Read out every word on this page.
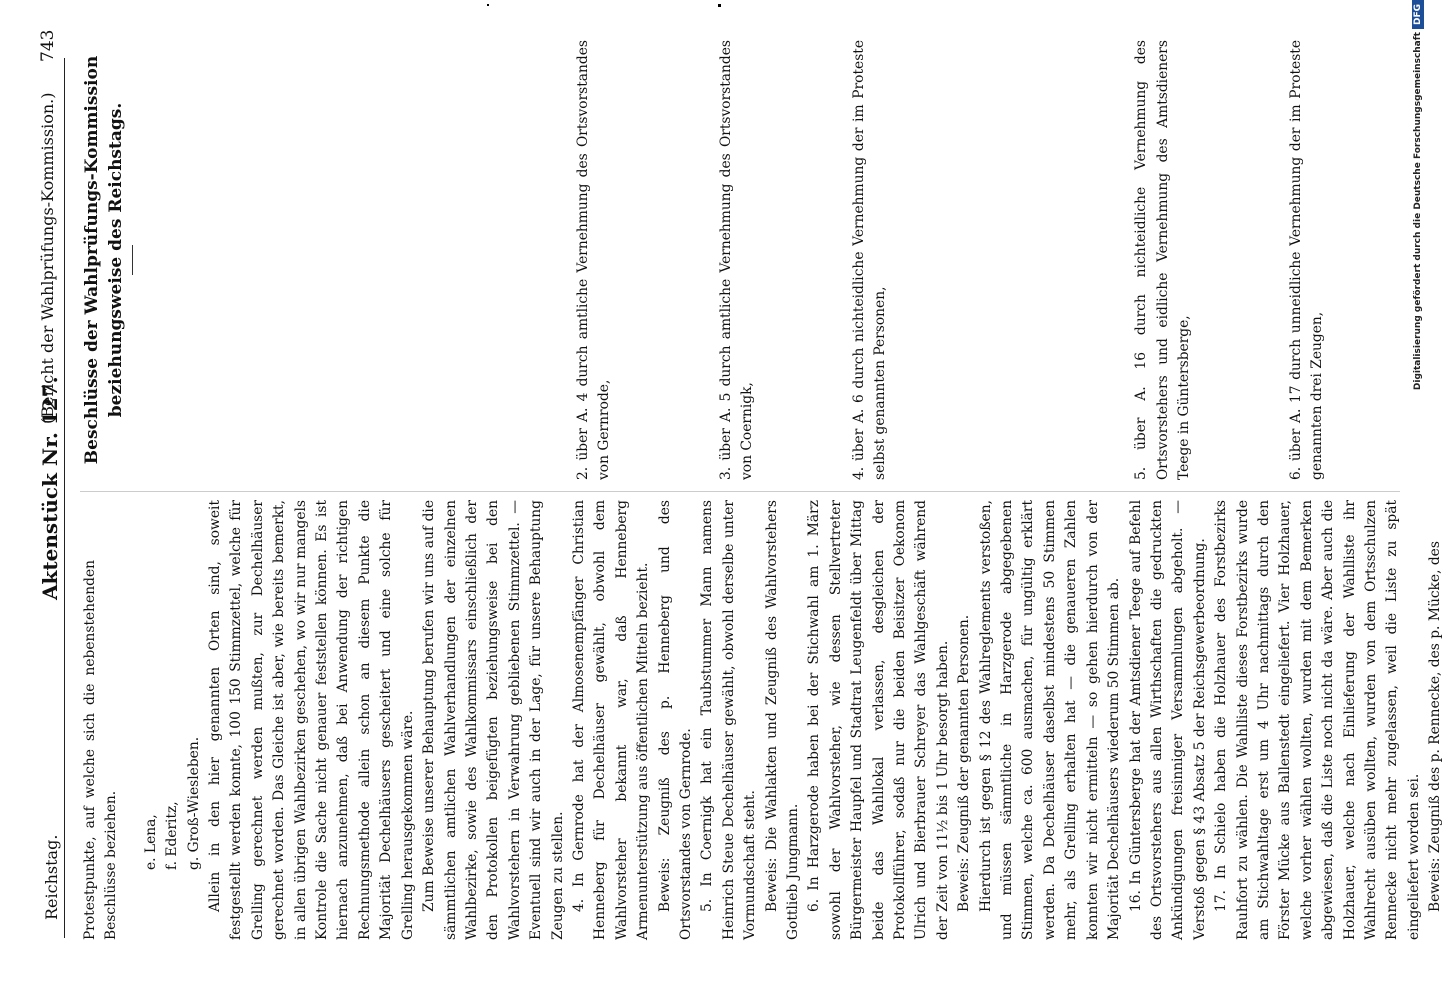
Reichstag.
Aktenstück Nr. 127.
(Bericht der Wahlprüfungs-Kommission.)
743

Protestpunkte, auf welche sich die nebenstehenden Beschlüsse beziehen. e. Lena, f. Ederitz, g. Groß-Wiesleben. Allein in den hier genannten Orten sind, soweit festgestellt werden konnte, 100 150 Stimmzettel, welche für Grelling gerechnet werden mußten, zur Dechelhäuser gerechnet worden. Das Gleiche ist aber, wie bereits bemerkt, in allen übrigen Wahlbezirken geschehen, wo wir nur mangels Kontrole die Sache nicht genauer feststellen können. Es ist hiernach anzunehmen, daß bei Anwendung der richtigen Rechnungsmethode allein schon an diesem Punkte die Majorität Dechelhäusers gescheitert und eine solche für Grelling herausgekommen wäre. Zum Beweise unserer Behauptung berufen wir uns auf die sämmtlichen amtlichen Wahlverhandlungen der einzelnen Wahlbezirke, sowie des Wahlkommissars einschließlich der den Protokollen beigefügten beziehungsweise bei den Wahlvorstehern in Verwahrung gebliebenen Stimmzettel. — Eventuell sind wir auch in der Lage, für unsere Behauptung Zeugen zu stellen. 4. In Gernrode hat der Almosenempfänger Christian Henneberg für Dechelhäuser gewählt, obwohl dem Wahlvorsteher bekannt war, daß Henneberg Armenunterstützung aus öffentlichen Mitteln bezieht. Beweis: Zeugniß des p. Henneberg und des Ortsvorstandes von Gernrode. 5. In Coernigk hat ein Taubstummer Mann namens Heinrich Steue Dechelhäuser gewählt, obwohl derselbe unter Vormundschaft steht. Beweis: Die Wahlakten und Zeugniß des Wahlvorstehers Gottlieb Jungmann. 6. In Harzgerode haben bei der Stichwahl am 1. März sowohl der Wahlvorsteher, wie dessen Stellvertreter Bürgermeister Haupfel und Stadtrat Leugenfeldt über Mittag beide das Wahllokal verlassen, desgleichen der Protokollführer, sodaß nur die beiden Beisitzer Oekonom Ulrich und Bierbrauer Schreyer das Wahlgeschäft während der Zeit von 11½ bis 1 Uhr besorgt haben. Beweis: Zeugniß der genannten Personen. Hierdurch ist gegen § 12 des Wahlreglements verstoßen, und müssen sämmtliche in Harzgerode abgegebenen Stimmen, welche ca. 600 ausmachen, für ungültig erklärt werden. Da Dechelhäuser daselbst mindestens 50 Stimmen mehr, als Grelling erhalten hat — die genaueren Zahlen konnten wir nicht ermitteln — so gehen hierdurch von der Majorität Dechelhäusers wiederum 50 Stimmen ab. 16. In Güntersberge hat der Amtsdiener Teege auf Befehl des Ortsvorstehers aus allen Wirthschaften die gedruckten Ankündigungen freisinniger Versammlungen abgeholt. — Verstoß gegen § 43 Absatz 5 der Reichsgewerbeordnung. 17. In Schielo haben die Holzhauer des Forstbezirks Rauhfort zu wählen. Die Wahlliste dieses Forstbezirks wurde am Stichwahltage erst um 4 Uhr nachmittags durch den Förster Mücke aus Ballenstedt eingeliefert. Vier Holzhauer, welche vorher wählen wollten, wurden mit dem Bemerken abgewiesen, daß die Liste noch nicht da wäre. Aber auch die Holzhauer, welche nach Einlieferung der Wahlliste ihr Wahlrecht ausüben wollten, wurden von dem Ortsschulzen Rennecke nicht mehr zugelassen, weil die Liste zu spät eingeliefert worden sei. Beweis: Zeugniß des p. Rennecke, des p. Mücke, des

Beschlüsse der Wahlprüfungs-Kommission beziehungsweise des Reichstags.	2. über A. 4 durch amtliche Vernehmung des Ortsvorstandes von Gernrode,	3. über A. 5 durch amtliche Vernehmung des Ortsvorstandes von Coernigk,	4. über A. 6 durch nichteidliche Vernehmung der im Proteste selbst genannten Personen,	5. über A. 16 durch nichteidliche Vernehmung des Ortsvorstehers und eidliche Vernehmung des Amtsdieners Teege in Güntersberge,	6. über A. 17 durch unneidliche Vernehmung der im Proteste genannten drei Zeugen,

Digitalisierung gefördert durch die Deutsche ForschungsgemeinschaftDFG
